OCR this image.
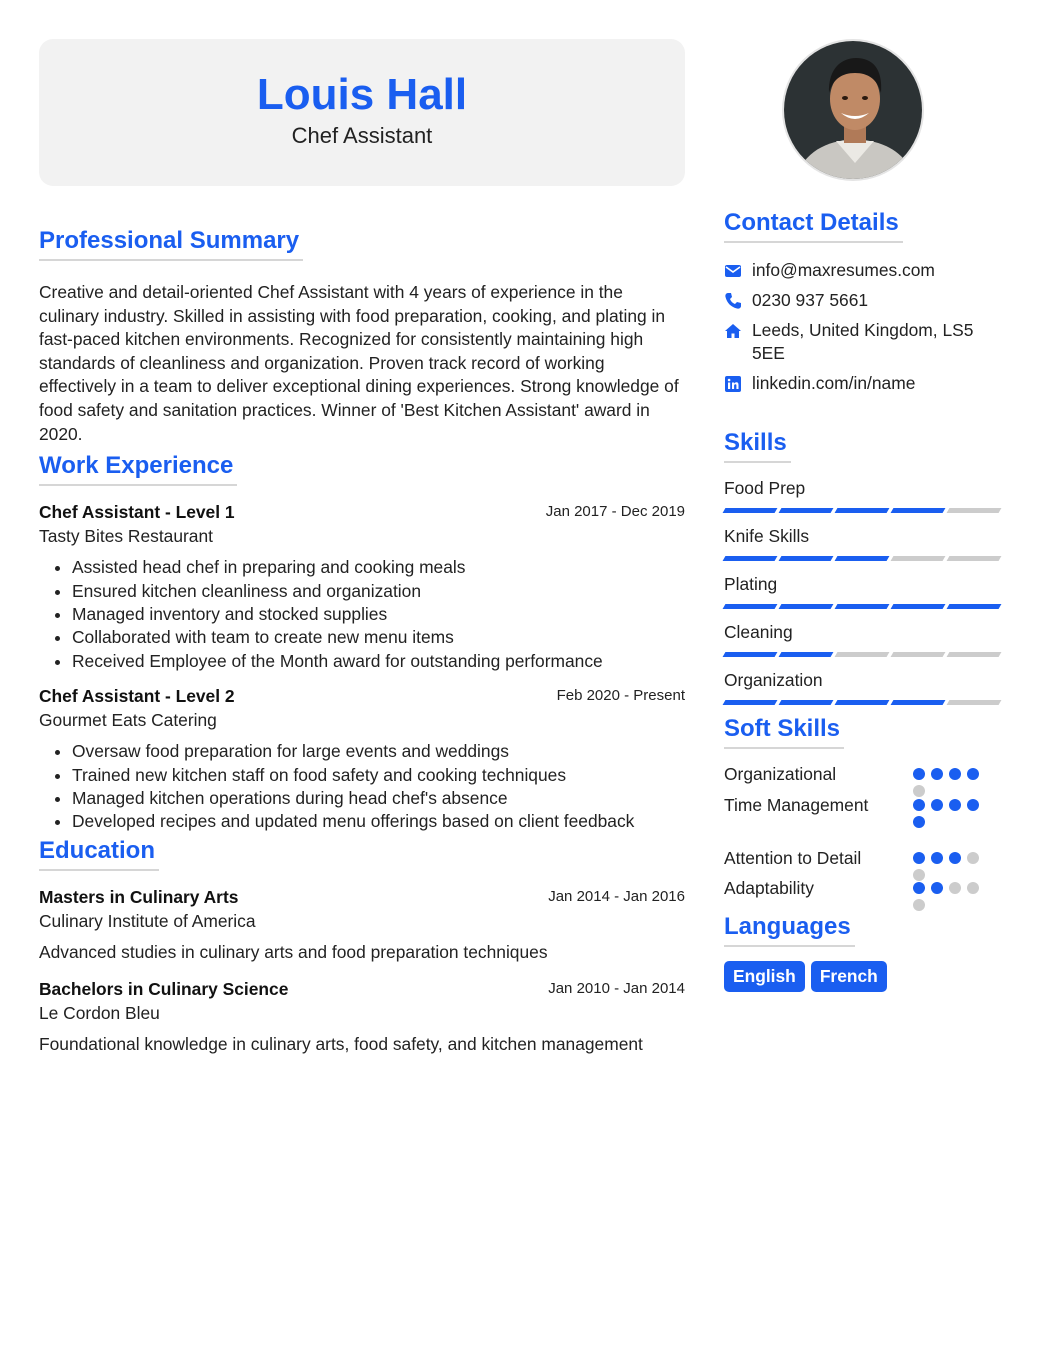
Louis Hall
Chef Assistant
Professional Summary

Creative and detail-oriented Chef Assistant with 4 years of experience in the culinary industry. Skilled in assisting with food preparation, cooking, and plating in fast-paced kitchen environments. Recognized for consistently maintaining high standards of cleanliness and organization. Proven track record of working effectively in a team to deliver exceptional dining experiences. Strong knowledge of food safety and sanitation practices. Winner of 'Best Kitchen Assistant' award in 2020.

Work Experience
Chef Assistant - Level 1	Jan 2017 - Dec 2019
Tasty Bites Restaurant
• Assisted head chef in preparing and cooking meals
• Ensured kitchen cleanliness and organization
• Managed inventory and stocked supplies
• Collaborated with team to create new menu items
• Received Employee of the Month award for outstanding performance
Chef Assistant - Level 2	Feb 2020 - Present
Gourmet Eats Catering
• Oversaw food preparation for large events and weddings
• Trained new kitchen staff on food safety and cooking techniques
• Managed kitchen operations during head chef's absence
• Developed recipes and updated menu offerings based on client feedback
Education
Masters in Culinary Arts	Jan 2014 - Jan 2016
Culinary Institute of America
Advanced studies in culinary arts and food preparation techniques
Bachelors in Culinary Science	Jan 2010 - Jan 2014
Le Cordon Bleu
Foundational knowledge in culinary arts, food safety, and kitchen management
Contact Details
info@maxresumes.com
0230 937 5661
Leeds, United Kingdom, LS5 5EE
linkedin.com/in/name
Skills
Food Prep
Knife Skills
Plating
Cleaning
Organization
Soft Skills
Organizational
Time Management
Attention to Detail
Adaptability
Languages
English	French
